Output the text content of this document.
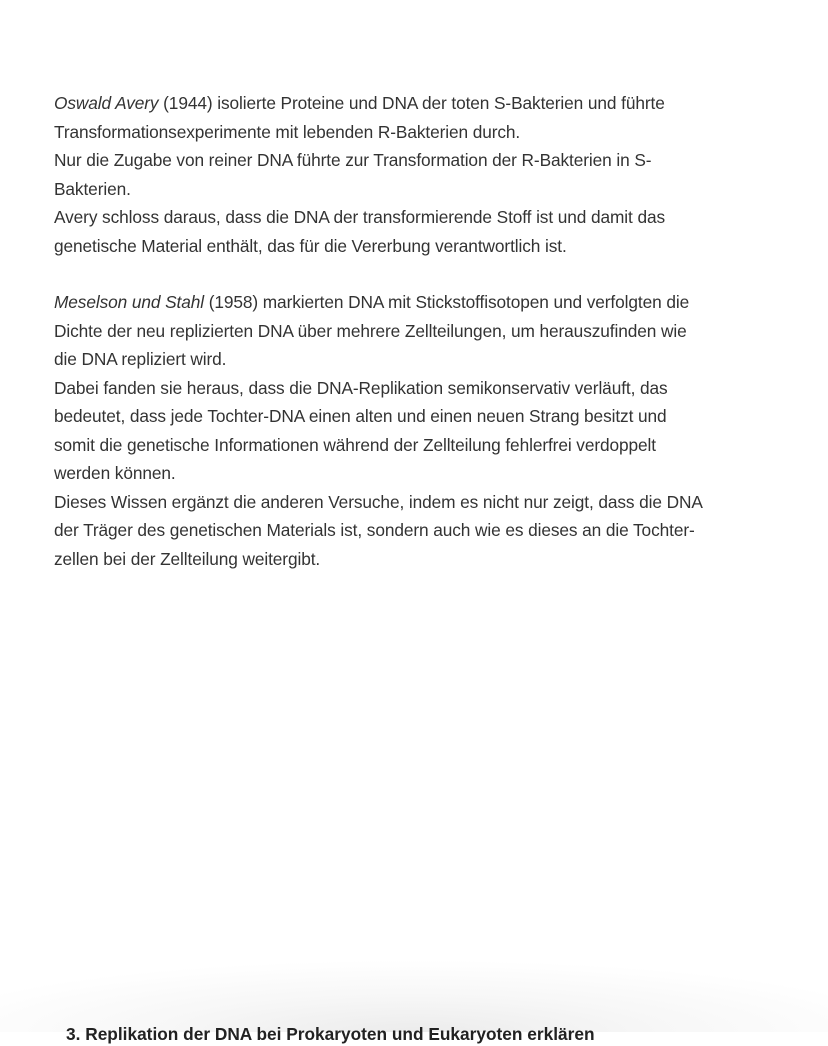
Oswald Avery (1944) isolierte Proteine und DNA der toten S-Bakterien und führte
Transformationsexperimente mit lebenden R-Bakterien durch.
Nur die Zugabe von reiner DNA führte zur Transformation der R-Bakterien in S-
Bakterien.
Avery schloss daraus, dass die DNA der transformierende Stoff ist und damit das
genetische Material enthält, das für die Vererbung verantwortlich ist.
Meselson und Stahl (1958) markierten DNA mit Stickstoffisotopen und verfolgten die
Dichte der neu replizierten DNA über mehrere Zellteilungen, um herauszufinden wie
die DNA repliziert wird.
Dabei fanden sie heraus, dass die DNA-Replikation semikonservativ verläuft, das
bedeutet, dass jede Tochter-DNA einen alten und einen neuen Strang besitzt und
somit die genetische Informationen während der Zellteilung fehlerfrei verdoppelt
werden können.
Dieses Wissen ergänzt die anderen Versuche, indem es nicht nur zeigt, dass die DNA
der Träger des genetischen Materials ist, sondern auch wie es dieses an die Tochter-
zellen bei der Zellteilung weitergibt.
3. Replikation der DNA bei Prokaryoten und Eukaryoten erklären
